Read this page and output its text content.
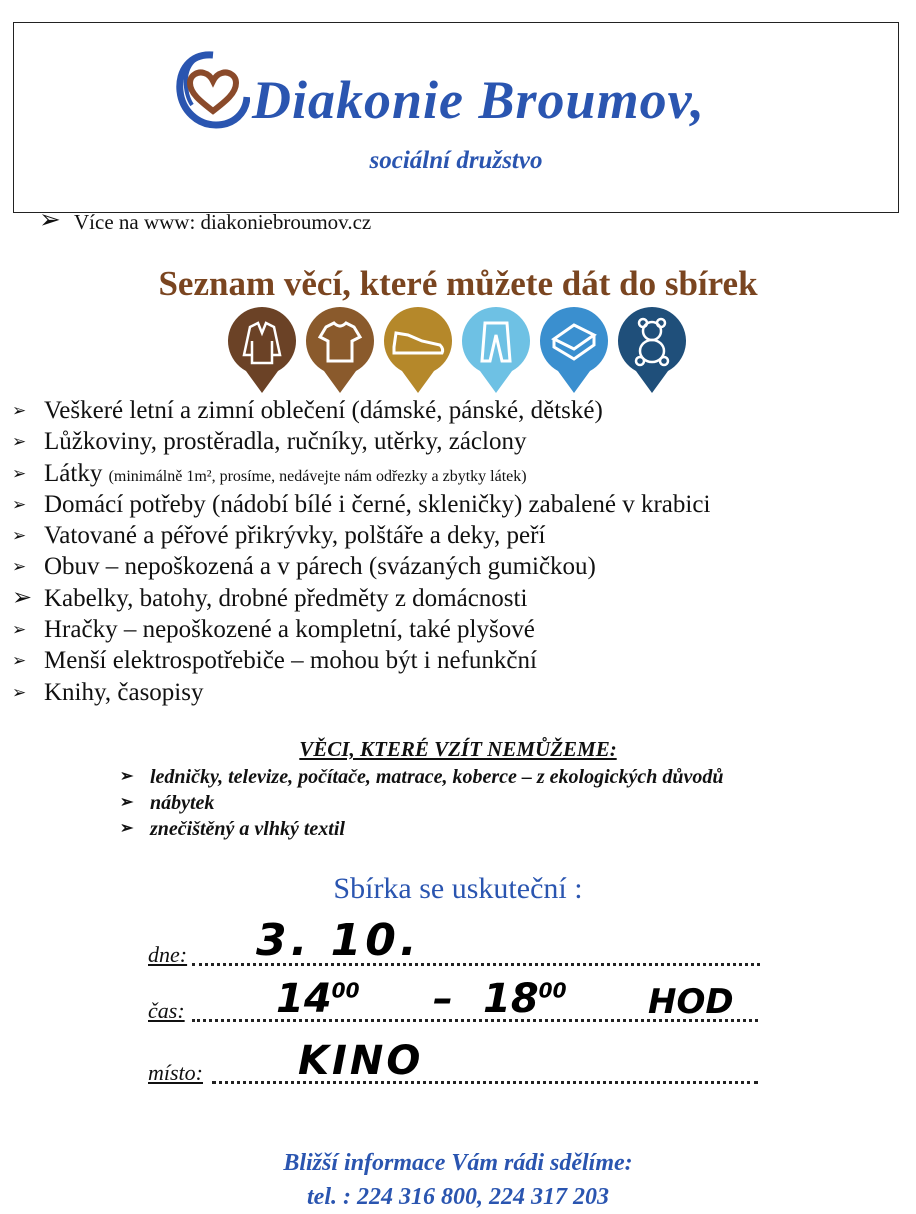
Diakonie Broumov,
sociální družstvo
➢ Více na www: diakoniebroumov.cz
Seznam věcí, které můžete dát do sbírek
➢ Veškeré letní a zimní oblečení (dámské, pánské, dětské)
➢ Lůžkoviny, prostěradla, ručníky, utěrky, záclony
➢ Látky (minimálně 1m², prosíme, nedávejte nám odřezky a zbytky látek)
➢ Domácí potřeby (nádobí bílé i černé, skleničky) zabalené v krabici
➢ Vatované a péřové přikrývky, polštáře a deky, peří
➢ Obuv – nepoškozená a v párech (svázaných gumičkou)
➢ Kabelky, batohy, drobné předměty z domácnosti
➢ Hračky – nepoškozené a kompletní, také plyšové
➢ Menší elektrospotřebiče – mohou být i nefunkční
➢ Knihy, časopisy
VĚCI, KTERÉ VZÍT NEMŮŽEME:
➢ ledničky, televize, počítače, matrace, koberce – z ekologických důvodů
➢ nábytek
➢ znečištěný a vlhký textil
Sbírka se uskuteční :
dne: 3. 10.
čas: $14^{00} - 18^{00}$ HOD
místo: KINO
Bližší informace Vám rádi sdělíme:
tel. : 224 316 800, 224 317 203
